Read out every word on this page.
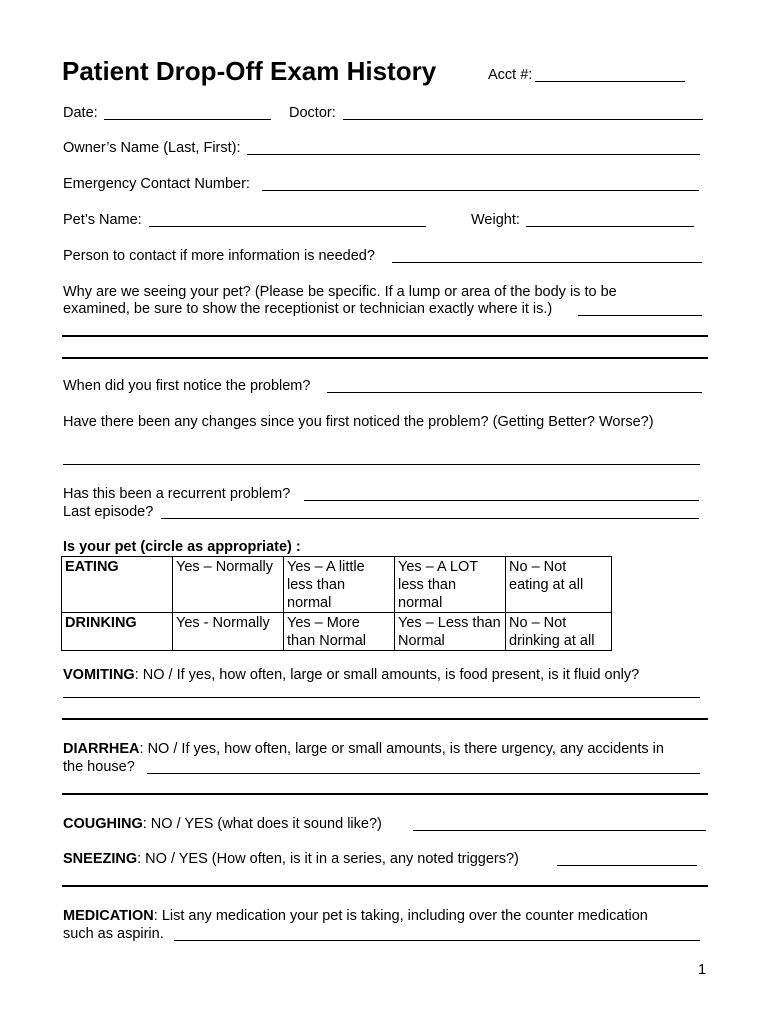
Patient Drop-Off Exam History	Acct #:
Date:	Doctor:
Owner’s Name (Last, First):
Emergency Contact Number:
Pet’s Name:	Weight:
Person to contact if more information is needed?
Why are we seeing your pet? (Please be specific. If a lump or area of the body is to be
examined, be sure to show the receptionist or technician exactly where it is.)
When did you first notice the problem?
Have there been any changes since you first noticed the problem? (Getting Better? Worse?)
Has this been a recurrent problem?
Last episode?
Is your pet (circle as appropriate) :
EATING	Yes – Normally	Yes – A little less than normal	Yes – A LOT less than normal	No – Not eating at all
DRINKING	Yes - Normally	Yes – More than Normal	Yes – Less than Normal	No – Not drinking at all
VOMITING: NO / If yes, how often, large or small amounts, is food present, is it fluid only?
DIARRHEA: NO / If yes, how often, large or small amounts, is there urgency, any accidents in
the house?
COUGHING: NO / YES (what does it sound like?)
SNEEZING: NO / YES (How often, is it in a series, any noted triggers?)
MEDICATION: List any medication your pet is taking, including over the counter medication
such as aspirin.
1
